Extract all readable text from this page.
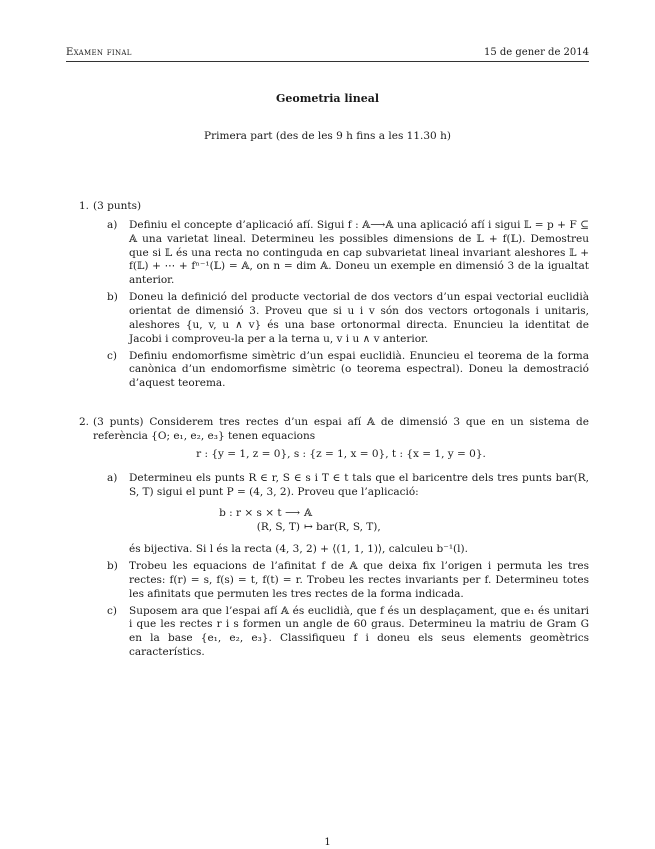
Examen final	15 de gener de 2014
Geometria lineal
Primera part (des de les 9 h fins a les 11.30 h)
1. (3 punts)
a)	Definiu el concepte d’aplicació afí. Sigui f : 𝔸⟶𝔸 una aplicació afí i sigui 𝕃 = p + F ⊆ 𝔸 una varietat lineal. Determineu les possibles dimensions de 𝕃 + f(𝕃). Demostreu que si 𝕃 és una recta no continguda en cap subvarietat lineal invariant aleshores 𝕃 + f(𝕃) + ⋯ + fⁿ⁻¹(𝕃) = 𝔸, on n = dim 𝔸. Doneu un exemple en dimensió 3 de la igualtat anterior.
b)	Doneu la definició del producte vectorial de dos vectors d’un espai vectorial euclidià orientat de dimensió 3. Proveu que si u i v són dos vectors ortogonals i unitaris, aleshores {u, v, u ∧ v} és una base ortonormal directa. Enuncieu la identitat de Jacobi i comproveu-la per a la terna u, v i u ∧ v anterior.
c)	Definiu endomorfisme simètric d’un espai euclidià. Enuncieu el teorema de la forma canònica d’un endomorfisme simètric (o teorema espectral). Doneu la demostració d’aquest teorema.
2. (3 punts) Considerem tres rectes d’un espai afí 𝔸 de dimensió 3 que en un sistema de referència {O; e₁, e₂, e₃} tenen equacions
r : {y = 1, z = 0}, s : {z = 1, x = 0}, t : {x = 1, y = 0}.
a)	Determineu els punts R ∈ r, S ∈ s i T ∈ t tals que el baricentre dels tres punts bar(R, S, T) sigui el punt P = (4, 3, 2). Proveu que l’aplicació:
b : r × s × t ⟶ 𝔸
(R, S, T) ↦ bar(R, S, T),
és bijectiva. Si l és la recta (4, 3, 2) + ⟨(1, 1, 1)⟩, calculeu b⁻¹(l).
b)	Trobeu les equacions de l’afinitat f de 𝔸 que deixa fix l’origen i permuta les tres rectes: f(r) = s, f(s) = t, f(t) = r. Trobeu les rectes invariants per f. Determineu totes les afinitats que permuten les tres rectes de la forma indicada.
c)	Suposem ara que l’espai afí 𝔸 és euclidià, que f és un desplaçament, que e₁ és unitari i que les rectes r i s formen un angle de 60 graus. Determineu la matriu de Gram G en la base {e₁, e₂, e₃}. Classifiqueu f i doneu els seus elements geomètrics característics.
1
